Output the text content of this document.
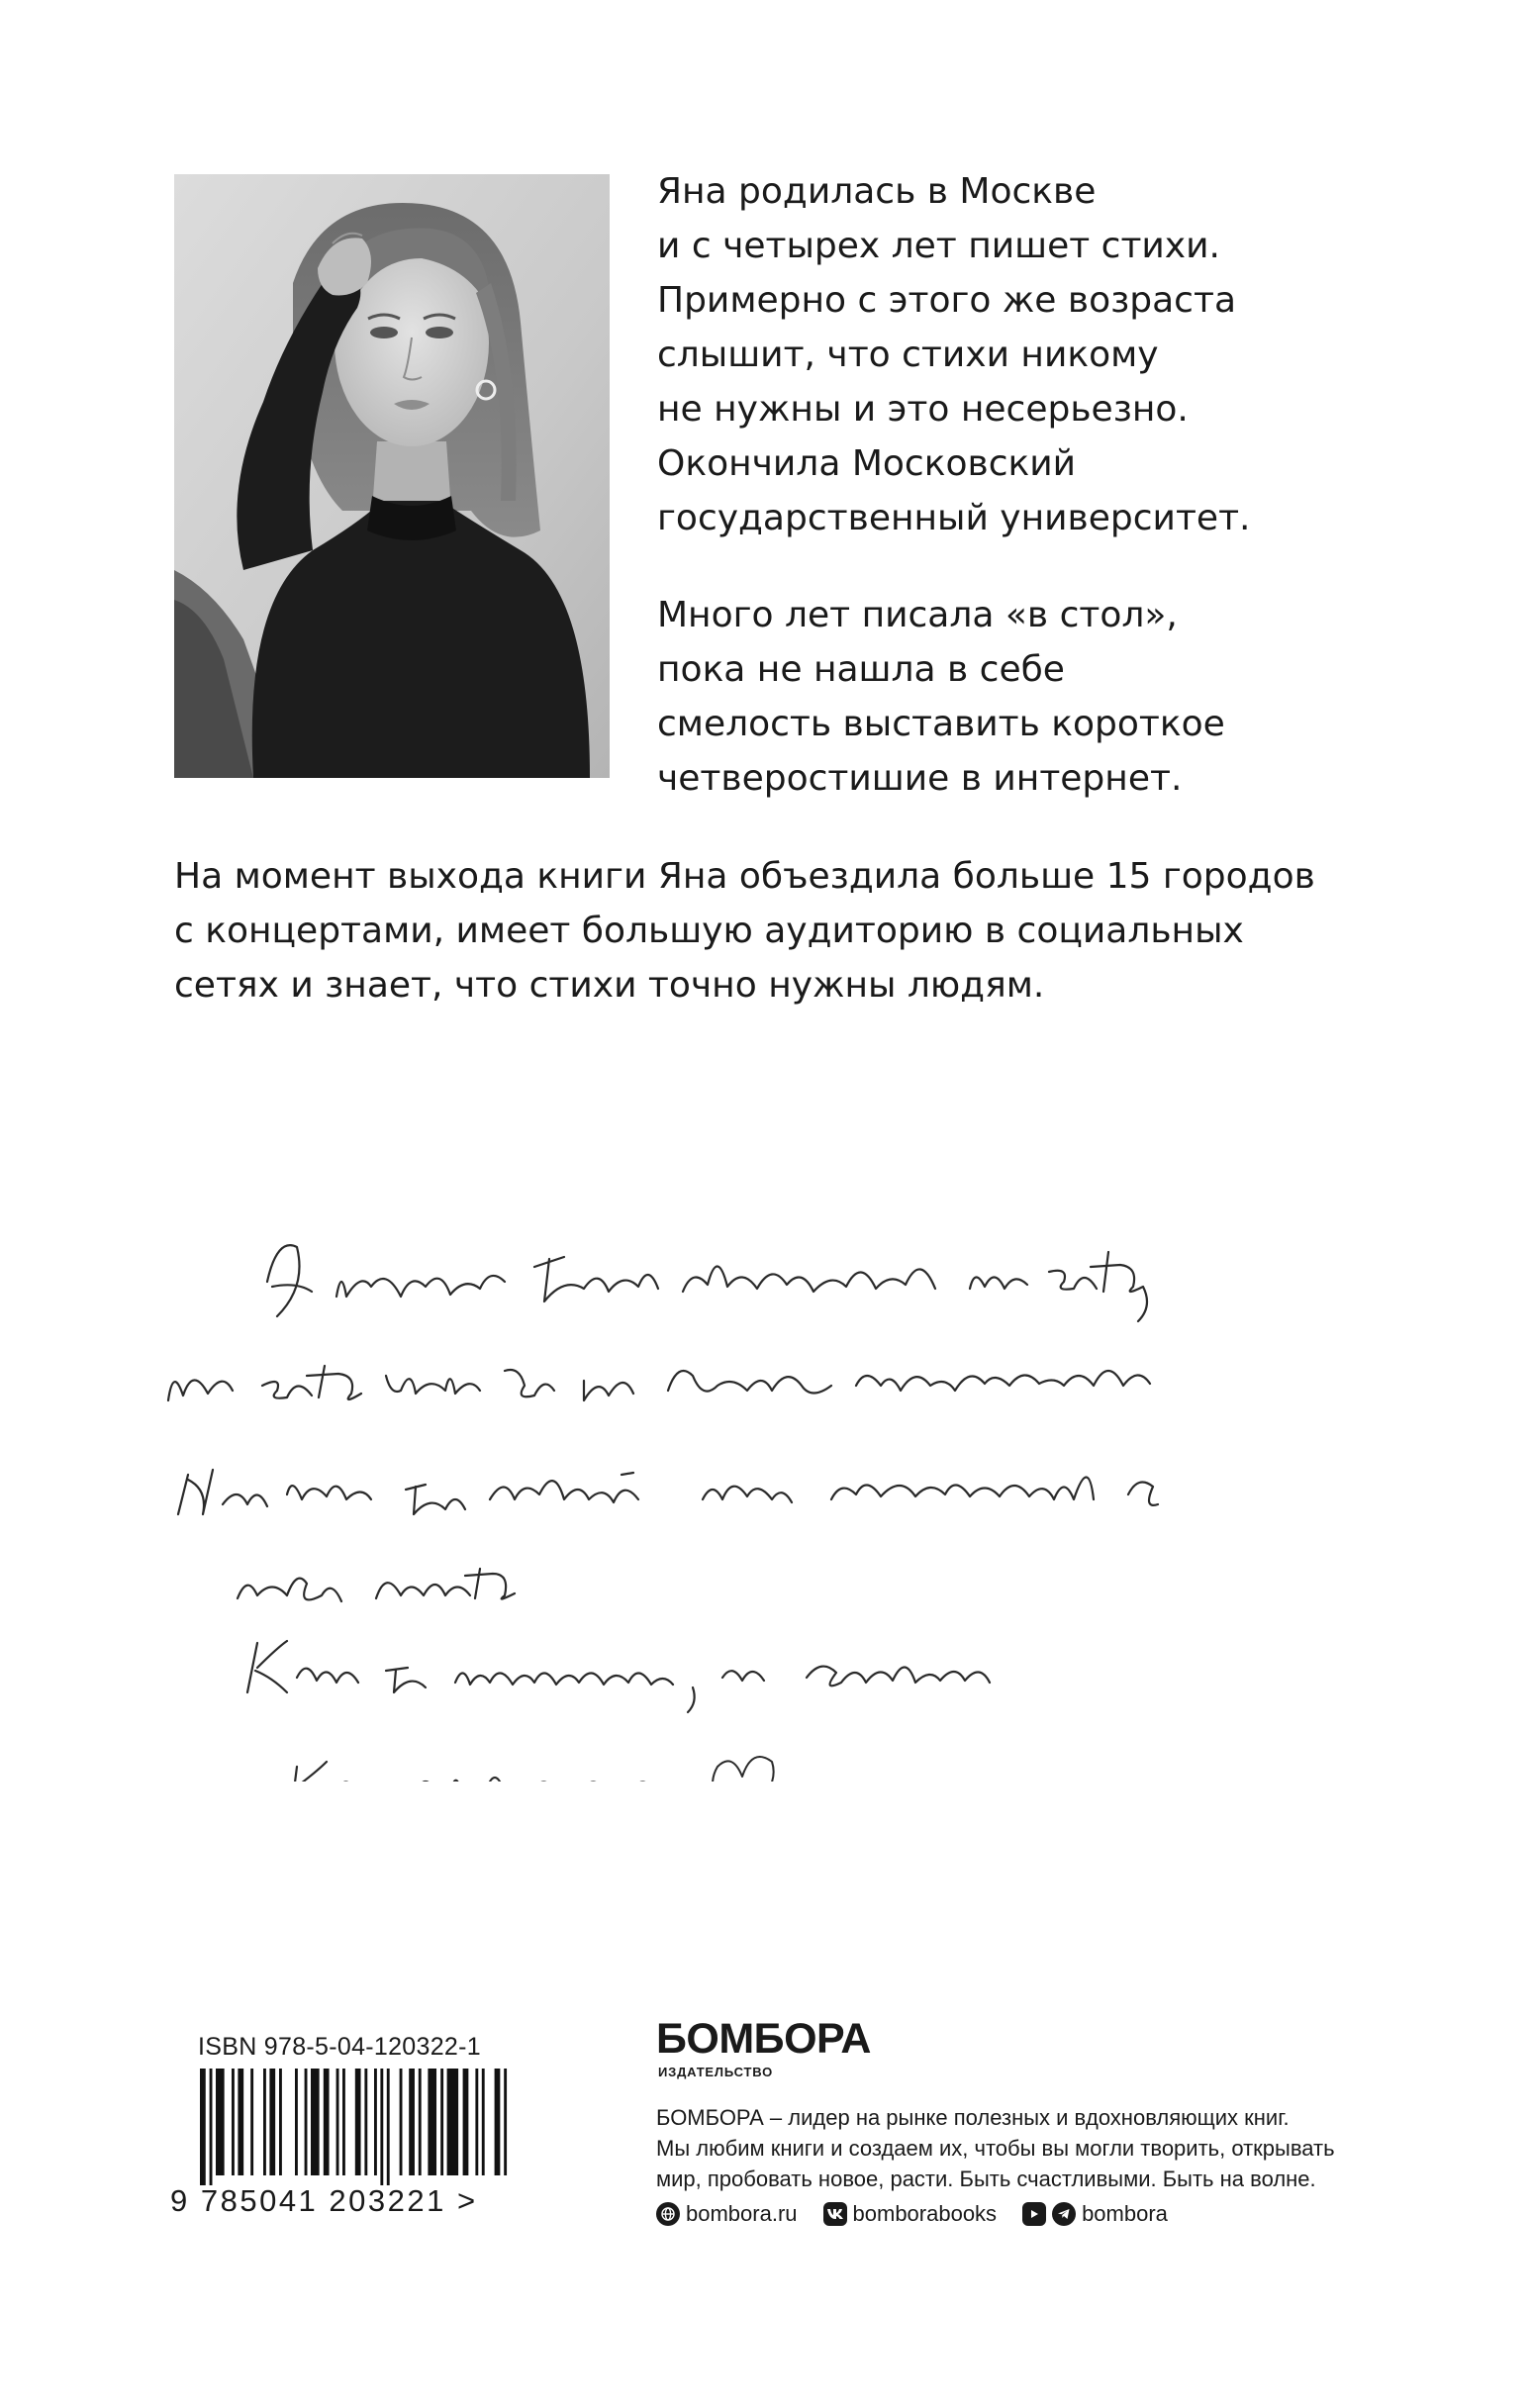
Яна родилась в Москве
и с четырех лет пишет стихи.
Примерно с этого же возраста
слышит, что стихи никому
не нужны и это несерьезно.
Окончила Московский
государственный университет.

Много лет писала «в стол»,
пока не нашла в себе
смелость выставить короткое
четверостишие в интернет.

На момент выхода книги Яна объездила больше 15 городов
с концертами, имеет большую аудиторию в социальных
сетях и знает, что стихи точно нужны людям.
ISBN 978-5-04-120322-1
9 785041 203221 >
БОМБОРА
ИЗДАТЕЛЬСТВО
БОМБОРА – лидер на рынке полезных и вдохновляющих книг.
Мы любим книги и создаем их, чтобы вы могли творить, открывать
мир, пробовать новое, расти. Быть счастливыми. Быть на волне.
bombora.ru	bomborabooks	bombora
